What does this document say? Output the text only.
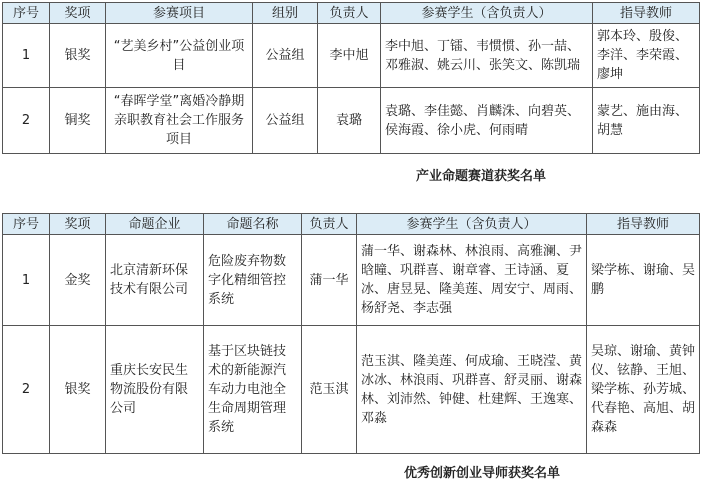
序号	奖项	参赛项目	组别	负责人	参赛学生（含负责人）	指导教师
1	银奖	“艺美乡村”公益创业项目	公益组	李中旭	李中旭、丁镭、韦惯惯、孙一喆、邓雅淑、姚云川、张笑文、陈凯瑞	郭本玲、殷俊、李洋、李荣霞、廖坤
2	铜奖	“春晖学堂”离婚冷静期亲职教育社会工作服务项目	公益组	袁璐	袁璐、李佳懿、肖麟洙、向碧英、侯海霞、徐小虎、何雨晴	蒙艺、施由海、胡慧
产业命题赛道获奖名单
序号	奖项	命题企业	命题名称	负责人	参赛学生（含负责人）	指导教师
1	金奖	北京清新环保技术有限公司	危险废弃物数字化精细管控系统	蒲一华	蒲一华、谢森林、林浪雨、高雅澜、尹晗瞳、巩群喜、谢章睿、王诗涵、夏冰、唐昱晃、隆美莲、周安宁、周雨、杨舒尧、李志强	梁学栋、谢瑜、吴鹏
2	银奖	重庆长安民生物流股份有限公司	基于区块链技术的新能源汽车动力电池全生命周期管理系统	范玉淇	范玉淇、隆美莲、何成瑜、王晓滢、黄冰冰、林浪雨、巩群喜、舒灵丽、谢森林、刘沛然、钟健、杜建辉、王逸寒、邓淼	吴琼、谢瑜、黄钟仪、铉静、王旭、梁学栋、孙芳城、代春艳、高旭、胡森森
优秀创新创业导师获奖名单
